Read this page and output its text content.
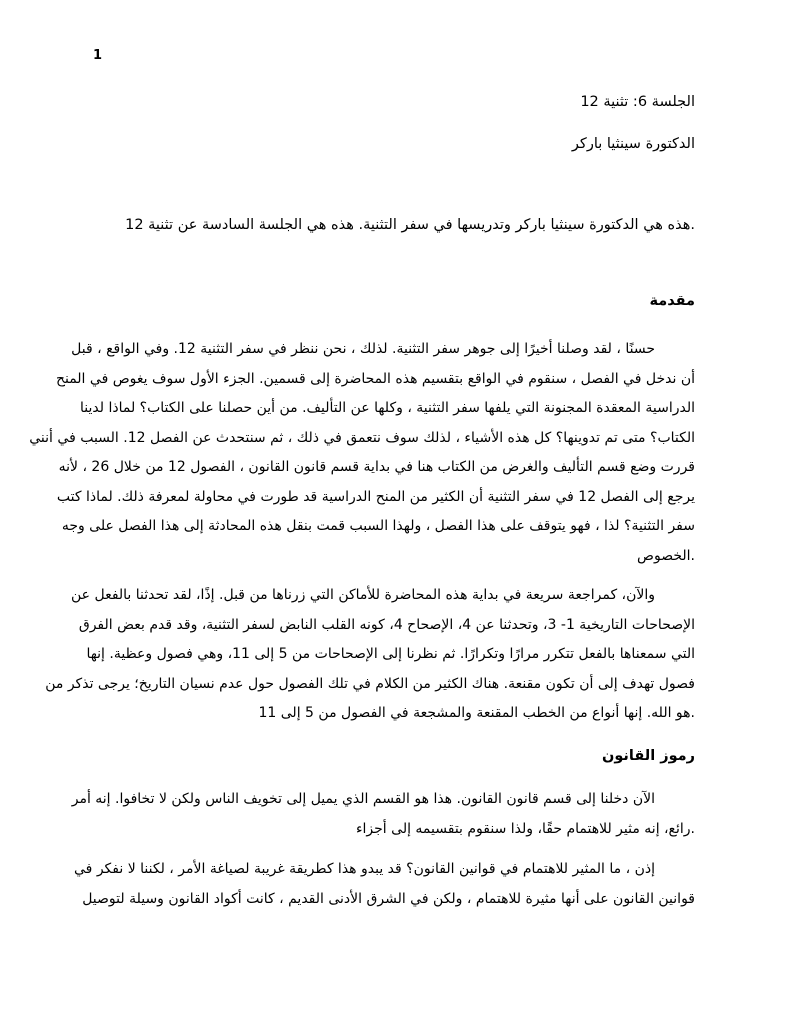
1
الجلسة 6: تثنية 12
الدكتورة سينثيا باركر
.هذه هي الدكتورة سينثيا باركر وتدريسها في سفر التثنية. هذه هي الجلسة السادسة عن تثنية 12
مقدمة
حسنًا ، لقد وصلنا أخيرًا إلى جوهر سفر التثنية. لذلك ، نحن ننظر في سفر التثنية 12. وفي الواقع ، قبل
أن ندخل في الفصل ، سنقوم في الواقع بتقسيم هذه المحاضرة إلى قسمين. الجزء الأول سوف يغوص في المنح
الدراسية المعقدة المجنونة التي يلفها سفر التثنية ، وكلها عن التأليف. من أين حصلنا على الكتاب؟ لماذا لدينا
الكتاب؟ متى تم تدوينها؟ كل هذه الأشياء ، لذلك سوف نتعمق في ذلك ، ثم سنتحدث عن الفصل 12. السبب في أنني
قررت وضع قسم التأليف والغرض من الكتاب هنا في بداية قسم قانون القانون ، الفصول 12 من خلال 26 ، لأنه
يرجع إلى الفصل 12 في سفر التثنية أن الكثير من المنح الدراسية قد طورت في محاولة لمعرفة ذلك. لماذا كتب
سفر التثنية؟ لذا ، فهو يتوقف على هذا الفصل ، ولهذا السبب قمت بنقل هذه المحادثة إلى هذا الفصل على وجه
.الخصوص
والآن، كمراجعة سريعة في بداية هذه المحاضرة للأماكن التي زرناها من قبل. إذًا، لقد تحدثنا بالفعل عن
الإصحاحات التاريخية 1- 3، وتحدثنا عن 4، الإصحاح 4، كونه القلب النابض لسفر التثنية، وقد قدم بعض الفرق
التي سمعناها بالفعل تتكرر مرارًا وتكرارًا. ثم نظرنا إلى الإصحاحات من 5 إلى 11، وهي فصول وعظية. إنها
فصول تهدف إلى أن تكون مقنعة. هناك الكثير من الكلام في تلك الفصول حول عدم نسيان التاريخ؛ يرجى تذكر من
.هو الله. إنها أنواع من الخطب المقنعة والمشجعة في الفصول من 5 إلى 11
رموز القانون
الآن دخلنا إلى قسم قانون القانون. هذا هو القسم الذي يميل إلى تخويف الناس ولكن لا تخافوا. إنه أمر
.رائع، إنه مثير للاهتمام حقًا، ولذا سنقوم بتقسيمه إلى أجزاء
إذن ، ما المثير للاهتمام في قوانين القانون؟ قد يبدو هذا كطريقة غريبة لصياغة الأمر ، لكننا لا نفكر في
قوانين القانون على أنها مثيرة للاهتمام ، ولكن في الشرق الأدنى القديم ، كانت أكواد القانون وسيلة لتوصيل
